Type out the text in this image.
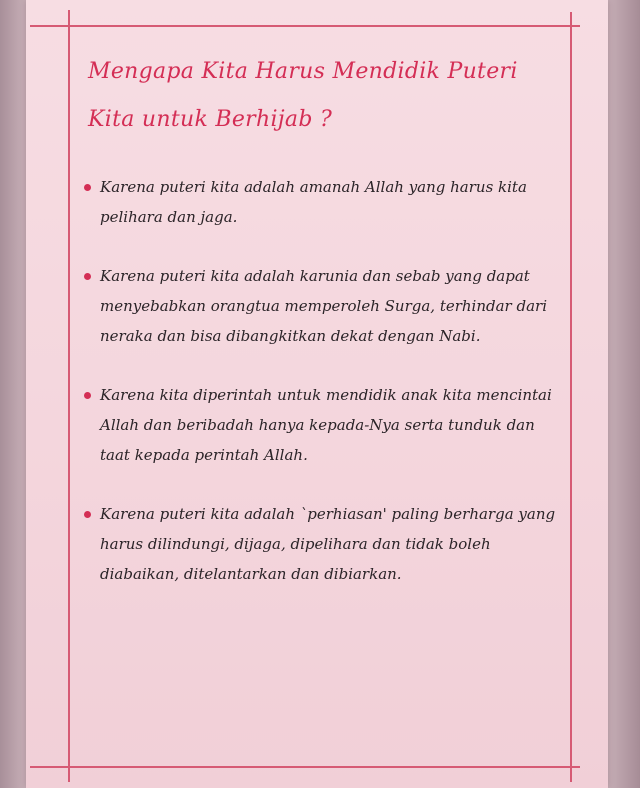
Mengapa Kita Harus Mendidik Puteri Kita untuk Berhijab ?
Karena puteri kita adalah amanah Allah yang harus kita pelihara dan jaga.
Karena puteri kita adalah karunia dan sebab yang dapat menyebabkan orangtua memperoleh Surga, terhindar dari neraka dan bisa dibangkitkan dekat dengan Nabi.
Karena kita diperintah untuk mendidik anak kita mencintai Allah dan beribadah hanya kepada-Nya serta tunduk dan taat kepada perintah Allah.
Karena puteri kita adalah `perhiasan' paling berharga yang harus dilindungi, dijaga, dipelihara dan tidak boleh diabaikan, ditelantarkan dan dibiarkan.
